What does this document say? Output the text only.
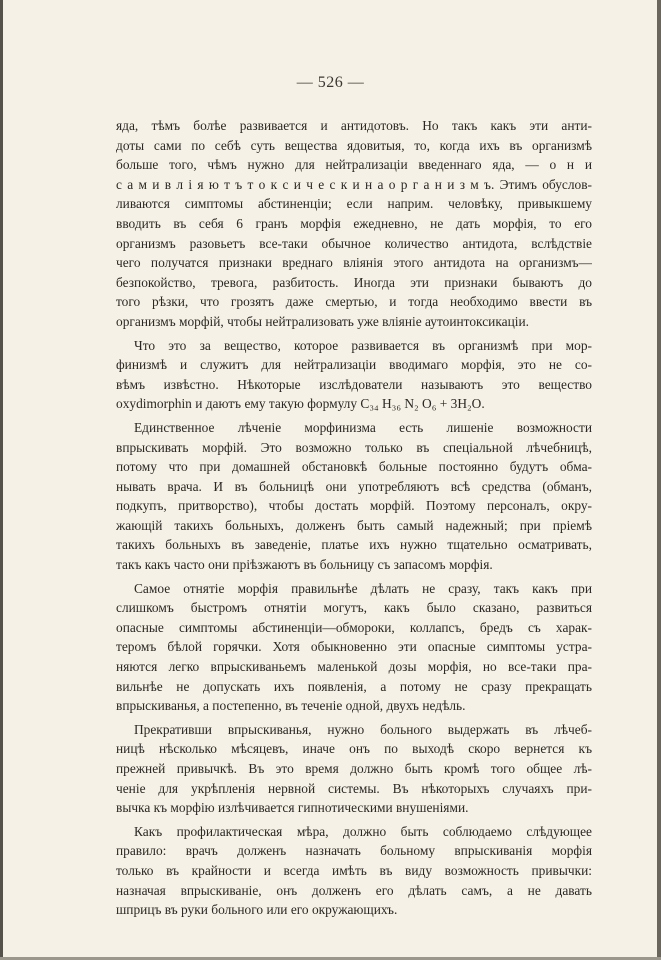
— 526 —
яда, тѣмъ болѣе развивается и антидотовъ. Но такъ какъ эти анти-
доты сами по себѣ суть вещества ядовитыя, то, когда ихъ въ организмѣ
больше того, чѣмъ нужно для нейтрализаціи введеннаго яда, — о н и
с а м и в л і я ю т ъ т о к с и ч е с к и н а о р г а н и з м ъ. Этимъ обуслов-
ливаются симптомы абстиненціи; если наприм. человѣку, привыкшему
вводить въ себя 6 гранъ морфія ежедневно, не дать морфія, то его
организмъ разовьетъ все-таки обычное количество антидота, вслѣдствіе
чего получатся признаки вреднаго вліянія этого антидота на организмъ—
безпокойство, тревога, разбитость. Иногда эти признаки бываютъ до
того рѣзки, что грозятъ даже смертью, и тогда необходимо ввести въ
организмъ морфій, чтобы нейтрализовать уже вліяніе аутоинтоксикаціи.
Что это за вещество, которое развивается въ организмѣ при мор-
финизмѣ и служитъ для нейтрализаціи вводимаго морфія, это не со-
вѣмъ извѣстно. Нѣкоторые изслѣдователи называютъ это вещество
oxydimorphin и даютъ ему такую формулу C₃₄ H₃₆ N₂ O₆ + 3H₂O.
Единственное лѣченіе морфинизма есть лишеніе возможности
впрыскивать морфій. Это возможно только въ спеціальной лѣчебницѣ,
потому что при домашней обстановкѣ больные постоянно будутъ обма-
нывать врача. И въ больницѣ они употребляютъ всѣ средства (обманъ,
подкупъ, притворство), чтобы достать морфій. Поэтому персоналъ, окру-
жающій такихъ больныхъ, долженъ быть самый надежный; при пріемѣ
такихъ больныхъ въ заведеніе, платье ихъ нужно тщательно осматривать,
такъ какъ часто они пріѣзжаютъ въ больницу съ запасомъ морфія.
Самое отнятіе морфія правильнѣе дѣлать не сразу, такъ какъ при
слишкомъ быстромъ отнятіи могутъ, какъ было сказано, развиться
опасные симптомы абстиненціи—обмороки, коллапсъ, бредъ съ харак-
теромъ бѣлой горячки. Хотя обыкновенно эти опасные симптомы устра-
няются легко впрыскиваньемъ маленькой дозы морфія, но все-таки пра-
вильнѣе не допускать ихъ появленія, а потому не сразу прекращать
впрыскиванья, а постепенно, въ теченіе одной, двухъ недѣль.
Прекративши впрыскиванья, нужно больного выдержать въ лѣчеб-
ницѣ нѣсколько мѣсяцевъ, иначе онъ по выходѣ скоро вернется къ
прежней привычкѣ. Въ это время должно быть кромѣ того общее лѣ-
ченіе для укрѣпленія нервной системы. Въ нѣкоторыхъ случаяхъ при-
вычка къ морфію излѣчивается гипнотическими внушеніями.
Какъ профилактическая мѣра, должно быть соблюдаемо слѣдующее
правило: врачъ долженъ назначать больному впрыскиванія морфія
только въ крайности и всегда имѣть въ виду возможность привычки:
назначая впрыскиваніе, онъ долженъ его дѣлать самъ, а не давать
шприцъ въ руки больного или его окружающихъ.
